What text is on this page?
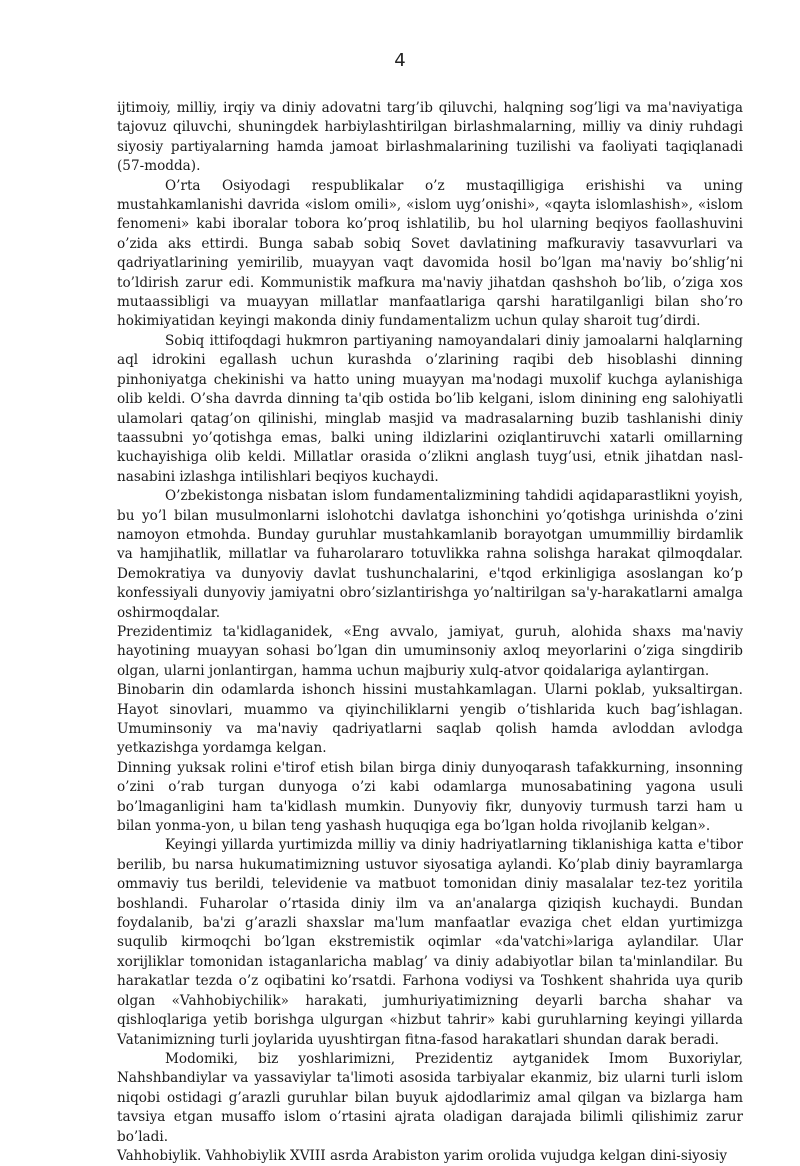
4

ijtimoiy, milliy, irqiy va diniy adovatni targ’ib qiluvchi, halqning sog’ligi va ma'naviyatiga tajovuz qiluvchi, shuningdek harbiylashtirilgan birlashmalarning, milliy va diniy ruhdagi siyosiy partiyalarning hamda jamoat birlashmalarining tuzilishi va faoliyati taqiqlanadi (57-modda).

O’rta Osiyodagi respublikalar o’z mustaqilligiga erishishi va uning mustahkamlanishi davrida «islom omili», «islom uyg’onishi», «qayta islomlashish», «islom fenomeni» kabi iboralar tobora ko’proq ishlatilib, bu hol ularning beqiyos faollashuvini o’zida aks ettirdi. Bunga sabab sobiq Sovet davlatining mafkuraviy tasavvurlari va qadriyatlarining yemirilib, muayyan vaqt davomida hosil bo’lgan ma'naviy bo’shlig’ni to’ldirish zarur edi. Kommunistik mafkura ma'naviy jihatdan qashshoh bo’lib, o’ziga xos mutaassibligi va muayyan millatlar manfaatlariga qarshi haratilganligi bilan sho’ro hokimiyatidan keyingi makonda diniy fundamentalizm uchun qulay sharoit tug’dirdi.

Sobiq ittifoqdagi hukmron partiyaning namoyandalari diniy jamoalarni halqlarning aql idrokini egallash uchun kurashda o’zlarining raqibi deb hisoblashi dinning pinhoniyatga chekinishi va hatto uning muayyan ma'nodagi muxolif kuchga aylanishiga olib keldi. O’sha davrda dinning ta'qib ostida bo’lib kelgani, islom dinining eng salohiyatli ulamolari qatag’on qilinishi, minglab masjid va madrasalarning buzib tashlanishi diniy taassubni yo’qotishga emas, balki uning ildizlarini oziqlantiruvchi xatarli omillarning kuchayishiga olib keldi. Millatlar orasida o’zlikni anglash tuyg’usi, etnik jihatdan nasl-nasabini izlashga intilishlari beqiyos kuchaydi.

O’zbekistonga nisbatan islom fundamentalizmining tahdidi aqidaparastlikni yoyish, bu yo’l bilan musulmonlarni islohotchi davlatga ishonchini yo’qotishga urinishda o’zini namoyon etmohda. Bunday guruhlar mustahkamlanib borayotgan umummilliy birdamlik va hamjihatlik, millatlar va fuharolararo totuvlikka rahna solishga harakat qilmoqdalar. Demokratiya va dunyoviy davlat tushunchalarini, e'tqod erkinligiga asoslangan ko’p konfessiyali dunyoviy jamiyatni obro’sizlantirishga yo’naltirilgan sa'y-harakatlarni amalga oshirmoqdalar.

Prezidentimiz ta'kidlaganidek, «Eng avvalo, jamiyat, guruh, alohida shaxs ma'naviy hayotining muayyan sohasi bo’lgan din umuminsoniy axloq meyorlarini o’ziga singdirib olgan, ularni jonlantirgan, hamma uchun majburiy xulq-atvor qoidalariga aylantirgan.

Binobarin din odamlarda ishonch hissini mustahkamlagan. Ularni poklab, yuksaltirgan. Hayot sinovlari, muammo va qiyinchiliklarni yengib o’tishlarida kuch bag’ishlagan. Umuminsoniy va ma'naviy qadriyatlarni saqlab qolish hamda avloddan avlodga yetkazishga yordamga kelgan.

Dinning yuksak rolini e'tirof etish bilan birga diniy dunyoqarash tafakkurning, insonning o’zini o’rab turgan dunyoga o’zi kabi odamlarga munosabatining yagona usuli bo’lmaganligini ham ta'kidlash mumkin. Dunyoviy fikr, dunyoviy turmush tarzi ham u bilan yonma-yon, u bilan teng yashash huquqiga ega bo’lgan holda rivojlanib kelgan».

Keyingi yillarda yurtimizda milliy va diniy hadriyatlarning tiklanishiga katta e'tibor berilib, bu narsa hukumatimizning ustuvor siyosatiga aylandi. Ko’plab diniy bayramlarga ommaviy tus berildi, televidenie va matbuot tomonidan diniy masalalar tez-tez yoritila boshlandi. Fuharolar o’rtasida diniy ilm va an'analarga qiziqish kuchaydi. Bundan foydalanib, ba'zi g’arazli shaxslar ma'lum manfaatlar evaziga chet eldan yurtimizga suqulib kirmoqchi bo’lgan ekstremistik oqimlar «da'vatchi»lariga aylandilar. Ular xorijliklar tomonidan istaganlaricha mablag’ va diniy adabiyotlar bilan ta'minlandilar. Bu harakatlar tezda o’z oqibatini ko’rsatdi. Farhona vodiysi va Toshkent shahrida uya qurib olgan «Vahhobiychilik» harakati, jumhuriyatimizning deyarli barcha shahar va qishloqlariga yetib borishga ulgurgan «hizbut tahrir» kabi guruhlarning keyingi yillarda Vatanimizning turli joylarida uyushtirgan fitna-fasod harakatlari shundan darak beradi.

Modomiki, biz yoshlarimizni, Prezidentiz aytganidek Imom Buxoriylar, Nahshbandiylar va yassaviylar ta'limoti asosida tarbiyalar ekanmiz, biz ularni turli islom niqobi ostidagi g’arazli guruhlar bilan buyuk ajdodlarimiz amal qilgan va bizlarga ham tavsiya etgan musaffo islom o’rtasini ajrata oladigan darajada bilimli qilishimiz zarur bo’ladi.

Vahhobiylik. Vahhobiylik XVIII asrda Arabiston yarim orolida vujudga kelgan dini-siyosiy
